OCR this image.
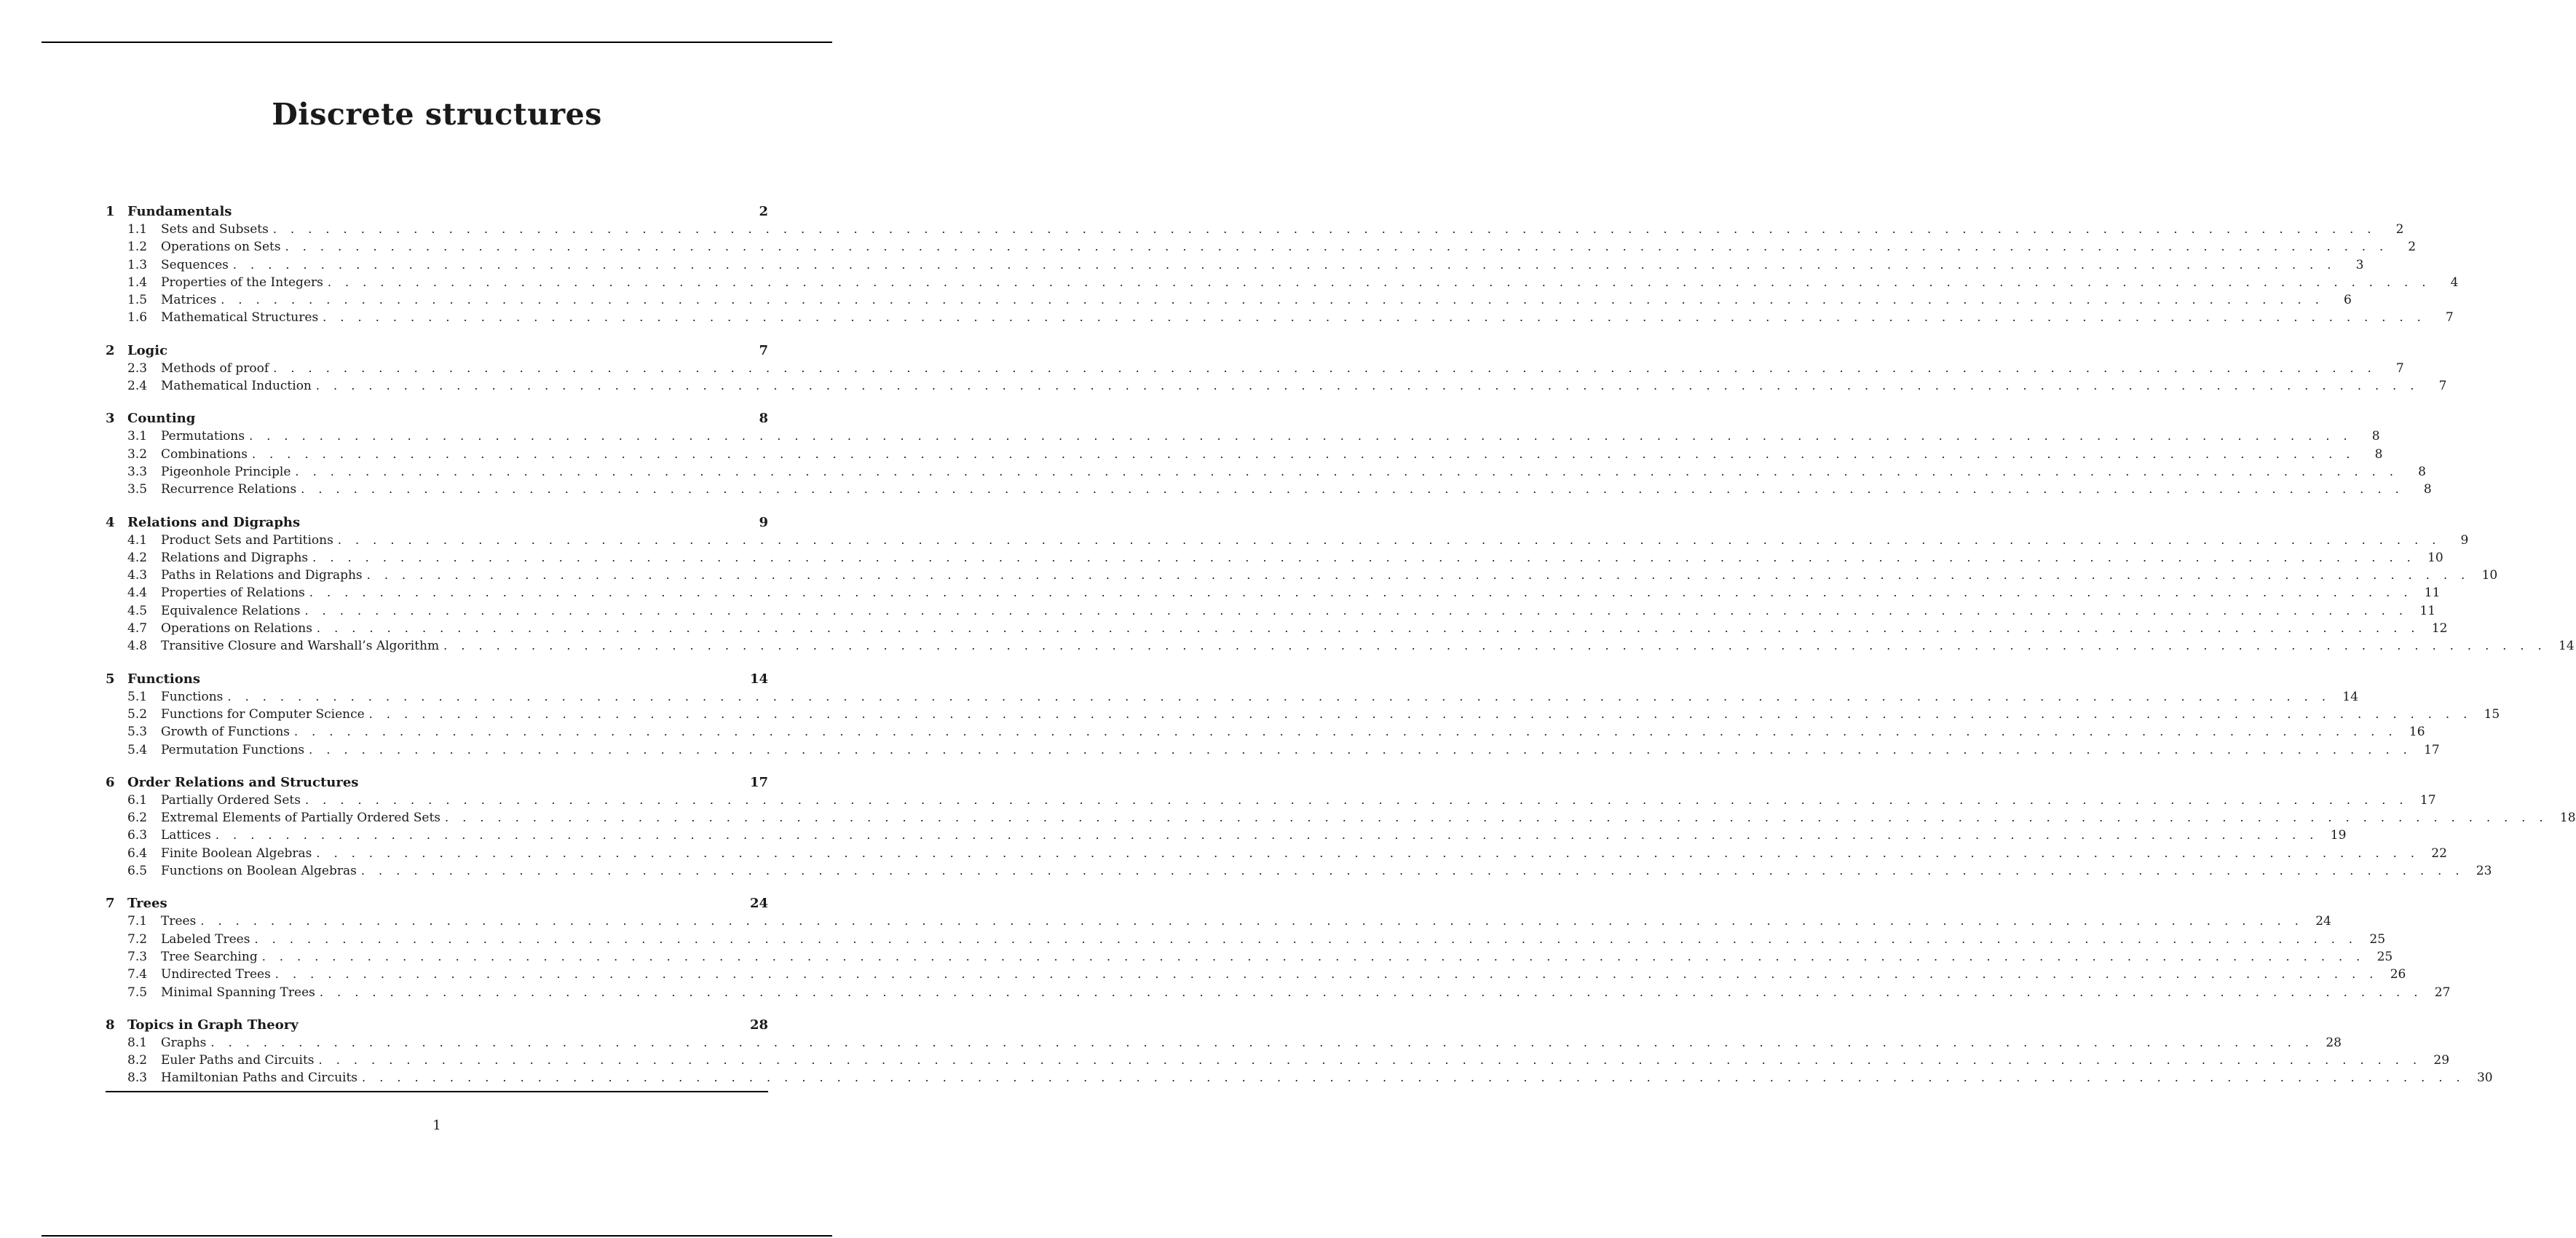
Discrete structures
1 Fundamentals	2
1.1	Sets and Subsets . . . . . . . . . . . . . . . . . . . . . . . . . . . . . . . . . . . . . . . . . . . . . . . . . . . . . . . . . . . . . . . . . . . . . . . . . . . . . . . . . . . . . . . . . . . . . . . . . . . . . . . . . . . . . . . . . . . . . . . .	2
1.2	Operations on Sets . . . . . . . . . . . . . . . . . . . . . . . . . . . . . . . . . . . . . . . . . . . . . . . . . . . . . . . . . . . . . . . . . . . . . . . . . . . . . . . . . . . . . . . . . . . . . . . . . . . . . . . . . . . . . . . . . . . . . . . .	2
1.3	Sequences . . . . . . . . . . . . . . . . . . . . . . . . . . . . . . . . . . . . . . . . . . . . . . . . . . . . . . . . . . . . . . . . . . . . . . . . . . . . . . . . . . . . . . . . . . . . . . . . . . . . . . . . . . . . . . . . . . . . . . . .	3
1.4	Properties of the Integers . . . . . . . . . . . . . . . . . . . . . . . . . . . . . . . . . . . . . . . . . . . . . . . . . . . . . . . . . . . . . . . . . . . . . . . . . . . . . . . . . . . . . . . . . . . . . . . . . . . . . . . . . . . . . . . . . . . . . . . .	4
1.5	Matrices . . . . . . . . . . . . . . . . . . . . . . . . . . . . . . . . . . . . . . . . . . . . . . . . . . . . . . . . . . . . . . . . . . . . . . . . . . . . . . . . . . . . . . . . . . . . . . . . . . . . . . . . . . . . . . . . . . . . . . . .	6
1.6	Mathematical Structures . . . . . . . . . . . . . . . . . . . . . . . . . . . . . . . . . . . . . . . . . . . . . . . . . . . . . . . . . . . . . . . . . . . . . . . . . . . . . . . . . . . . . . . . . . . . . . . . . . . . . . . . . . . . . . . . . . . . . . . .	7
2 Logic	7
2.3	Methods of proof . . . . . . . . . . . . . . . . . . . . . . . . . . . . . . . . . . . . . . . . . . . . . . . . . . . . . . . . . . . . . . . . . . . . . . . . . . . . . . . . . . . . . . . . . . . . . . . . . . . . . . . . . . . . . . . . . . . . . . . .	7
2.4	Mathematical Induction . . . . . . . . . . . . . . . . . . . . . . . . . . . . . . . . . . . . . . . . . . . . . . . . . . . . . . . . . . . . . . . . . . . . . . . . . . . . . . . . . . . . . . . . . . . . . . . . . . . . . . . . . . . . . . . . . . . . . . . .	7
3 Counting	8
3.1	Permutations . . . . . . . . . . . . . . . . . . . . . . . . . . . . . . . . . . . . . . . . . . . . . . . . . . . . . . . . . . . . . . . . . . . . . . . . . . . . . . . . . . . . . . . . . . . . . . . . . . . . . . . . . . . . . . . . . . . . . . . .	8
3.2	Combinations . . . . . . . . . . . . . . . . . . . . . . . . . . . . . . . . . . . . . . . . . . . . . . . . . . . . . . . . . . . . . . . . . . . . . . . . . . . . . . . . . . . . . . . . . . . . . . . . . . . . . . . . . . . . . . . . . . . . . . . .	8
3.3	Pigeonhole Principle . . . . . . . . . . . . . . . . . . . . . . . . . . . . . . . . . . . . . . . . . . . . . . . . . . . . . . . . . . . . . . . . . . . . . . . . . . . . . . . . . . . . . . . . . . . . . . . . . . . . . . . . . . . . . . . . . . . . . . . .	8
3.5	Recurrence Relations . . . . . . . . . . . . . . . . . . . . . . . . . . . . . . . . . . . . . . . . . . . . . . . . . . . . . . . . . . . . . . . . . . . . . . . . . . . . . . . . . . . . . . . . . . . . . . . . . . . . . . . . . . . . . . . . . . . . . . . .	8
4 Relations and Digraphs	9
4.1	Product Sets and Partitions . . . . . . . . . . . . . . . . . . . . . . . . . . . . . . . . . . . . . . . . . . . . . . . . . . . . . . . . . . . . . . . . . . . . . . . . . . . . . . . . . . . . . . . . . . . . . . . . . . . . . . . . . . . . . . . . . . . . . . . .	9
4.2	Relations and Digraphs . . . . . . . . . . . . . . . . . . . . . . . . . . . . . . . . . . . . . . . . . . . . . . . . . . . . . . . . . . . . . . . . . . . . . . . . . . . . . . . . . . . . . . . . . . . . . . . . . . . . . . . . . . . . . . . . . . . . . . . . 10
4.3	Paths in Relations and Digraphs . . . . . . . . . . . . . . . . . . . . . . . . . . . . . . . . . . . . . . . . . . . . . . . . . . . . . . . . . . . . . . . . . . . . . . . . . . . . . . . . . . . . . . . . . . . . . . . . . . . . . . . . . . . . . . . . . . . . . . . . 10
4.4	Properties of Relations . . . . . . . . . . . . . . . . . . . . . . . . . . . . . . . . . . . . . . . . . . . . . . . . . . . . . . . . . . . . . . . . . . . . . . . . . . . . . . . . . . . . . . . . . . . . . . . . . . . . . . . . . . . . . . . . . . . . . . . . 11
4.5	Equivalence Relations . . . . . . . . . . . . . . . . . . . . . . . . . . . . . . . . . . . . . . . . . . . . . . . . . . . . . . . . . . . . . . . . . . . . . . . . . . . . . . . . . . . . . . . . . . . . . . . . . . . . . . . . . . . . . . . . . . . . . . . . 11
4.7	Operations on Relations . . . . . . . . . . . . . . . . . . . . . . . . . . . . . . . . . . . . . . . . . . . . . . . . . . . . . . . . . . . . . . . . . . . . . . . . . . . . . . . . . . . . . . . . . . . . . . . . . . . . . . . . . . . . . . . . . . . . . . . . 12
4.8	Transitive Closure and Warshall’s Algorithm . . . . . . . . . . . . . . . . . . . . . . . . . . . . . . . . . . . . . . . . . . . . . . . . . . . . . . . . . . . . . . . . . . . . . . . . . . . . . . . . . . . . . . . . . . . . . . . . . . . . . . . . . . . . . . . . . . . . . . . . 14
5 Functions	14
5.1	Functions . . . . . . . . . . . . . . . . . . . . . . . . . . . . . . . . . . . . . . . . . . . . . . . . . . . . . . . . . . . . . . . . . . . . . . . . . . . . . . . . . . . . . . . . . . . . . . . . . . . . . . . . . . . . . . . . . . . . . . . . 14
5.2	Functions for Computer Science . . . . . . . . . . . . . . . . . . . . . . . . . . . . . . . . . . . . . . . . . . . . . . . . . . . . . . . . . . . . . . . . . . . . . . . . . . . . . . . . . . . . . . . . . . . . . . . . . . . . . . . . . . . . . . . . . . . . . . . . 15
5.3	Growth of Functions . . . . . . . . . . . . . . . . . . . . . . . . . . . . . . . . . . . . . . . . . . . . . . . . . . . . . . . . . . . . . . . . . . . . . . . . . . . . . . . . . . . . . . . . . . . . . . . . . . . . . . . . . . . . . . . . . . . . . . . . 16
5.4	Permutation Functions . . . . . . . . . . . . . . . . . . . . . . . . . . . . . . . . . . . . . . . . . . . . . . . . . . . . . . . . . . . . . . . . . . . . . . . . . . . . . . . . . . . . . . . . . . . . . . . . . . . . . . . . . . . . . . . . . . . . . . . . 17
6 Order Relations and Structures	17
6.1	Partially Ordered Sets . . . . . . . . . . . . . . . . . . . . . . . . . . . . . . . . . . . . . . . . . . . . . . . . . . . . . . . . . . . . . . . . . . . . . . . . . . . . . . . . . . . . . . . . . . . . . . . . . . . . . . . . . . . . . . . . . . . . . . . . 17
6.2	Extremal Elements of Partially Ordered Sets . . . . . . . . . . . . . . . . . . . . . . . . . . . . . . . . . . . . . . . . . . . . . . . . . . . . . . . . . . . . . . . . . . . . . . . . . . . . . . . . . . . . . . . . . . . . . . . . . . . . . . . . . . . . . . . . . . . . . . . . 18
6.3	Lattices . . . . . . . . . . . . . . . . . . . . . . . . . . . . . . . . . . . . . . . . . . . . . . . . . . . . . . . . . . . . . . . . . . . . . . . . . . . . . . . . . . . . . . . . . . . . . . . . . . . . . . . . . . . . . . . . . . . . . . . . 19
6.4	Finite Boolean Algebras . . . . . . . . . . . . . . . . . . . . . . . . . . . . . . . . . . . . . . . . . . . . . . . . . . . . . . . . . . . . . . . . . . . . . . . . . . . . . . . . . . . . . . . . . . . . . . . . . . . . . . . . . . . . . . . . . . . . . . . . 22
6.5	Functions on Boolean Algebras . . . . . . . . . . . . . . . . . . . . . . . . . . . . . . . . . . . . . . . . . . . . . . . . . . . . . . . . . . . . . . . . . . . . . . . . . . . . . . . . . . . . . . . . . . . . . . . . . . . . . . . . . . . . . . . . . . . . . . . . 23
7 Trees	24
7.1	Trees . . . . . . . . . . . . . . . . . . . . . . . . . . . . . . . . . . . . . . . . . . . . . . . . . . . . . . . . . . . . . . . . . . . . . . . . . . . . . . . . . . . . . . . . . . . . . . . . . . . . . . . . . . . . . . . . . . . . . . . . 24
7.2	Labeled Trees . . . . . . . . . . . . . . . . . . . . . . . . . . . . . . . . . . . . . . . . . . . . . . . . . . . . . . . . . . . . . . . . . . . . . . . . . . . . . . . . . . . . . . . . . . . . . . . . . . . . . . . . . . . . . . . . . . . . . . . . 25
7.3	Tree Searching . . . . . . . . . . . . . . . . . . . . . . . . . . . . . . . . . . . . . . . . . . . . . . . . . . . . . . . . . . . . . . . . . . . . . . . . . . . . . . . . . . . . . . . . . . . . . . . . . . . . . . . . . . . . . . . . . . . . . . . . 25
7.4	Undirected Trees . . . . . . . . . . . . . . . . . . . . . . . . . . . . . . . . . . . . . . . . . . . . . . . . . . . . . . . . . . . . . . . . . . . . . . . . . . . . . . . . . . . . . . . . . . . . . . . . . . . . . . . . . . . . . . . . . . . . . . . . 26
7.5	Minimal Spanning Trees . . . . . . . . . . . . . . . . . . . . . . . . . . . . . . . . . . . . . . . . . . . . . . . . . . . . . . . . . . . . . . . . . . . . . . . . . . . . . . . . . . . . . . . . . . . . . . . . . . . . . . . . . . . . . . . . . . . . . . . . 27
8 Topics in Graph Theory	28
8.1	Graphs . . . . . . . . . . . . . . . . . . . . . . . . . . . . . . . . . . . . . . . . . . . . . . . . . . . . . . . . . . . . . . . . . . . . . . . . . . . . . . . . . . . . . . . . . . . . . . . . . . . . . . . . . . . . . . . . . . . . . . . . 28
8.2	Euler Paths and Circuits . . . . . . . . . . . . . . . . . . . . . . . . . . . . . . . . . . . . . . . . . . . . . . . . . . . . . . . . . . . . . . . . . . . . . . . . . . . . . . . . . . . . . . . . . . . . . . . . . . . . . . . . . . . . . . . . . . . . . . . . 29
8.3	Hamiltonian Paths and Circuits . . . . . . . . . . . . . . . . . . . . . . . . . . . . . . . . . . . . . . . . . . . . . . . . . . . . . . . . . . . . . . . . . . . . . . . . . . . . . . . . . . . . . . . . . . . . . . . . . . . . . . . . . . . . . . . . . . . . . . . . 30
1
